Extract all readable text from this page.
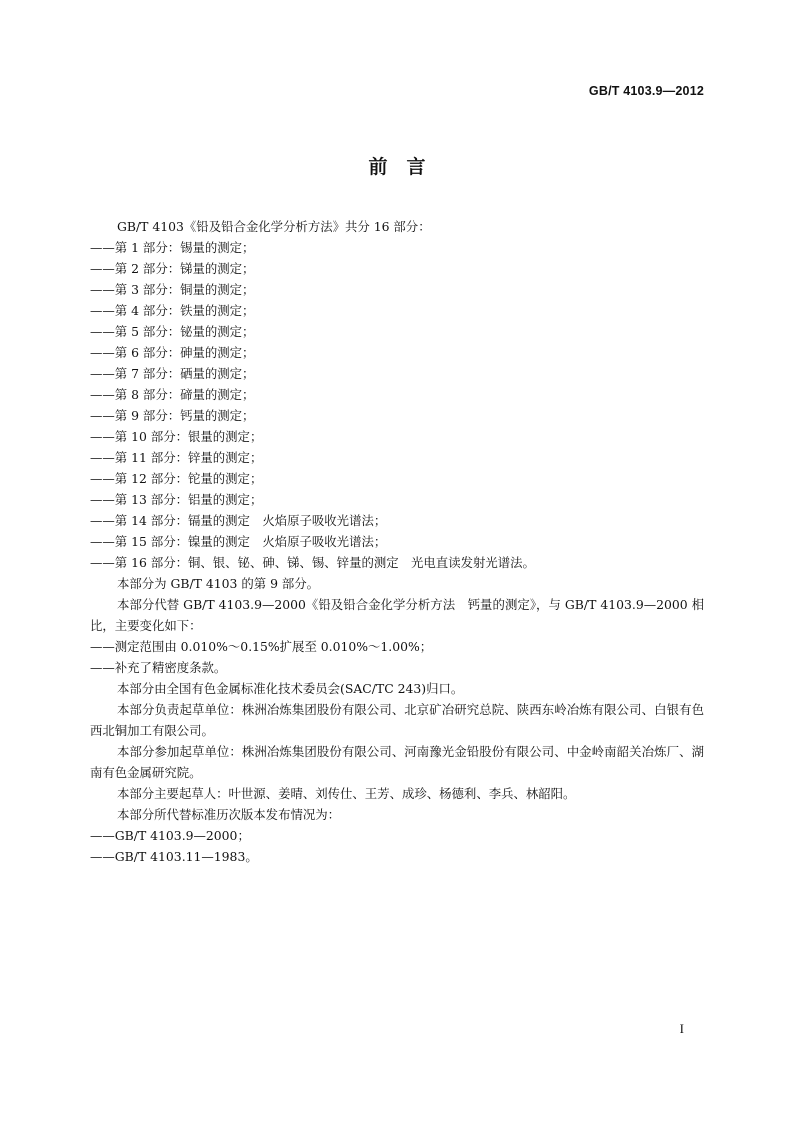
GB/T 4103.9—2012
前　言

GB/T 4103《铅及铅合金化学分析方法》共分 16 部分：

——第 1 部分：锡量的测定；

——第 2 部分：锑量的测定；

——第 3 部分：铜量的测定；

——第 4 部分：铁量的测定；

——第 5 部分：铋量的测定；

——第 6 部分：砷量的测定；

——第 7 部分：硒量的测定；

——第 8 部分：碲量的测定；

——第 9 部分：钙量的测定；

——第 10 部分：银量的测定；

——第 11 部分：锌量的测定；

——第 12 部分：铊量的测定；

——第 13 部分：铝量的测定；

——第 14 部分：镉量的测定　火焰原子吸收光谱法；

——第 15 部分：镍量的测定　火焰原子吸收光谱法；

——第 16 部分：铜、银、铋、砷、锑、锡、锌量的测定　光电直读发射光谱法。

本部分为 GB/T 4103 的第 9 部分。

本部分代替 GB/T 4103.9—2000《铅及铅合金化学分析方法　钙量的测定》，与 GB/T 4103.9—2000 相比，主要变化如下：

——测定范围由 0.010%～0.15%扩展至 0.010%～1.00%；

——补充了精密度条款。

本部分由全国有色金属标准化技术委员会(SAC/TC 243)归口。

本部分负责起草单位：株洲冶炼集团股份有限公司、北京矿冶研究总院、陕西东岭冶炼有限公司、白银有色西北铜加工有限公司。

本部分参加起草单位：株洲冶炼集团股份有限公司、河南豫光金铅股份有限公司、中金岭南韶关冶炼厂、湖南有色金属研究院。

本部分主要起草人：叶世源、姜晴、刘传仕、王芳、成珍、杨德利、李兵、林韶阳。

本部分所代替标准历次版本发布情况为：

——GB/T 4103.9—2000；

——GB/T 4103.11—1983。

I
